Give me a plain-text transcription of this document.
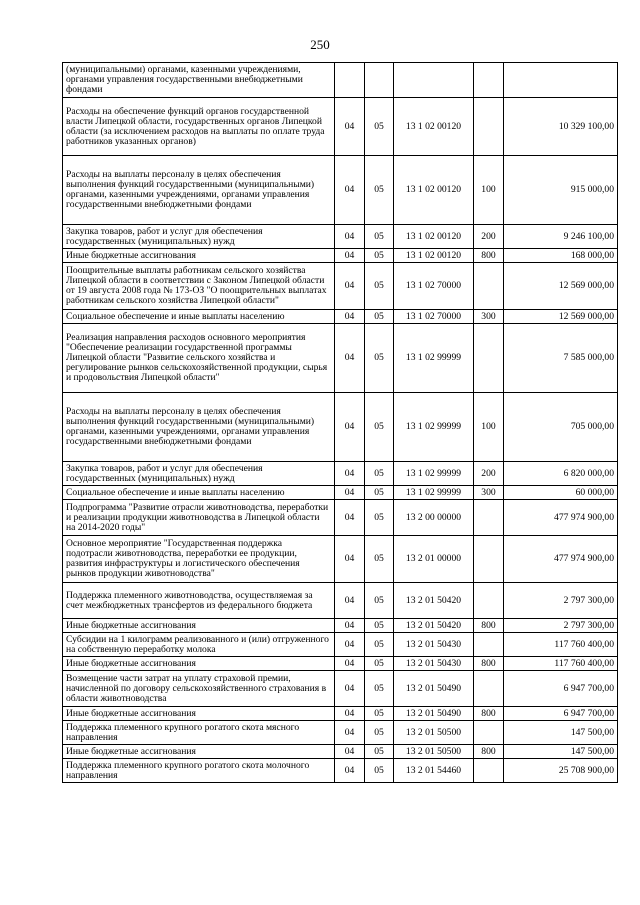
250
(муниципальными) органами, казенными учреждениями, органами управления государственными внебюджетными фондами					
Расходы на обеспечение функций органов государственной власти Липецкой области, государственных органов Липецкой области (за исключением расходов на выплаты по оплате труда работников указанных органов)	04	05	13 1 02 00120		10 329 100,00
Расходы на выплаты персоналу в целях обеспечения выполнения функций государственными (муниципальными) органами, казенными учреждениями, органами управления государственными внебюджетными фондами	04	05	13 1 02 00120	100	915 000,00
Закупка товаров, работ и услуг для обеспечения государственных (муниципальных) нужд	04	05	13 1 02 00120	200	9 246 100,00
Иные бюджетные ассигнования	04	05	13 1 02 00120	800	168 000,00
Поощрительные выплаты работникам сельского хозяйства Липецкой области в соответствии с Законом Липецкой области от 19 августа 2008 года № 173-ОЗ "О поощрительных выплатах работникам сельского хозяйства Липецкой области"	04	05	13 1 02 70000		12 569 000,00
Социальное обеспечение и иные выплаты населению	04	05	13 1 02 70000	300	12 569 000,00
Реализация направления расходов основного мероприятия "Обеспечение реализации государственной программы Липецкой области "Развитие сельского хозяйства и регулирование рынков сельскохозяйственной продукции, сырья и продовольствия Липецкой области"	04	05	13 1 02 99999		7 585 000,00
Расходы на выплаты персоналу в целях обеспечения выполнения функций государственными (муниципальными) органами, казенными учреждениями, органами управления государственными внебюджетными фондами	04	05	13 1 02 99999	100	705 000,00
Закупка товаров, работ и услуг для обеспечения государственных (муниципальных) нужд	04	05	13 1 02 99999	200	6 820 000,00
Социальное обеспечение и иные выплаты населению	04	05	13 1 02 99999	300	60 000,00
Подпрограмма "Развитие отрасли животноводства, переработки и реализации продукции животноводства в Липецкой области на 2014-2020 годы"	04	05	13 2 00 00000		477 974 900,00
Основное мероприятие "Государственная поддержка подотрасли животноводства, переработки ее продукции, развития инфраструктуры и логистического обеспечения рынков продукции животноводства"	04	05	13 2 01 00000		477 974 900,00
Поддержка племенного животноводства, осуществляемая за счет межбюджетных трансфертов из федерального бюджета	04	05	13 2 01 50420		2 797 300,00
Иные бюджетные ассигнования	04	05	13 2 01 50420	800	2 797 300,00
Субсидии на 1 килограмм реализованного и (или) отгруженного на собственную переработку молока	04	05	13 2 01 50430		117 760 400,00
Иные бюджетные ассигнования	04	05	13 2 01 50430	800	117 760 400,00
Возмещение части затрат на уплату страховой премии, начисленной по договору сельскохозяйственного страхования в области животноводства	04	05	13 2 01 50490		6 947 700,00
Иные бюджетные ассигнования	04	05	13 2 01 50490	800	6 947 700,00
Поддержка племенного крупного рогатого скота мясного направления	04	05	13 2 01 50500		147 500,00
Иные бюджетные ассигнования	04	05	13 2 01 50500	800	147 500,00
Поддержка племенного крупного рогатого скота молочного направления	04	05	13 2 01 54460		25 708 900,00
